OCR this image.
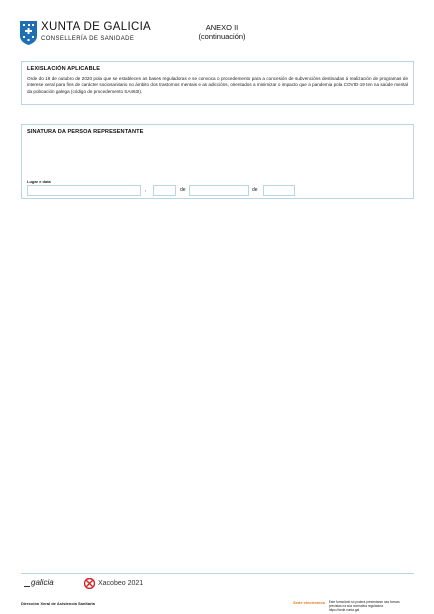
XUNTA DE GALICIA
CONSELLERÍA DE SANIDADE
ANEXO II
(continuación)
LEXISLACIÓN APLICABLE
Orde do 19 de outubro de 2020 pola que se establecen as bases reguladoras e se convoca o procedemento para a concesión de subvencións destinadas á realización de programas de interese xeral para fins de carácter sociosanitario no ámbito dos trastornos mentais e as adiccións, orientados a minimizar o impacto que a pandemia pola COVID-19 ten na saúde mental da poboación galega (código de procedemento SA463I).
SINATURA DA PERSOA REPRESENTANTE
Lugar e data
,	de	de
galicia	Xacobeo 2021
Dirección Xeral de Asistencia Sanitaria	Sede electrónica Este formulario só poderá presentarse nas formas previstas na súa normativa reguladora
https://sede.xunta.gal
